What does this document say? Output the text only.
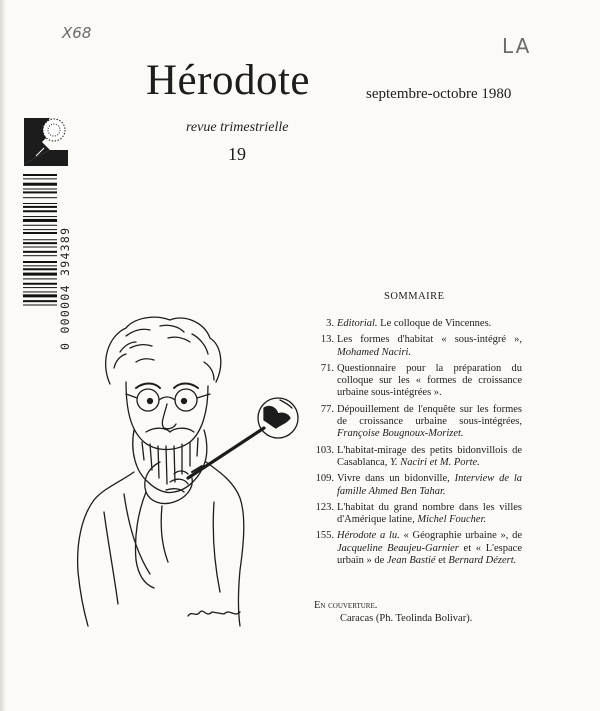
X68
LA
Hérodote	septembre-octobre 1980
revue trimestrielle
19
0 000004 394389	SOMMAIRE
3. Editorial. Le colloque de Vincennes.
13. Les formes d'habitat « sous-intégré », Mohamed Naciri.
71. Questionnaire pour la préparation du colloque sur les « formes de croissance urbaine sous-intégrées ».
77. Dépouillement de l'enquête sur les formes de croissance urbaine sous-intégrées, Françoise Bougnoux-Morizet.
103. L'habitat-mirage des petits bidonvillois de Casablanca, Y. Naciri et M. Porte.
109. Vivre dans un bidonville, Interview de la famille Ahmed Ben Tahar.
123. L'habitat du grand nombre dans les villes d'Amérique latine, Michel Foucher.
155. Hérodote a lu. « Géographie urbaine », de Jacqueline Beaujeu-Garnier et « L'espace urbain » de Jean Bastié et Bernard Dézert.
En couverture.
Caracas (Ph. Teolinda Bolivar).
